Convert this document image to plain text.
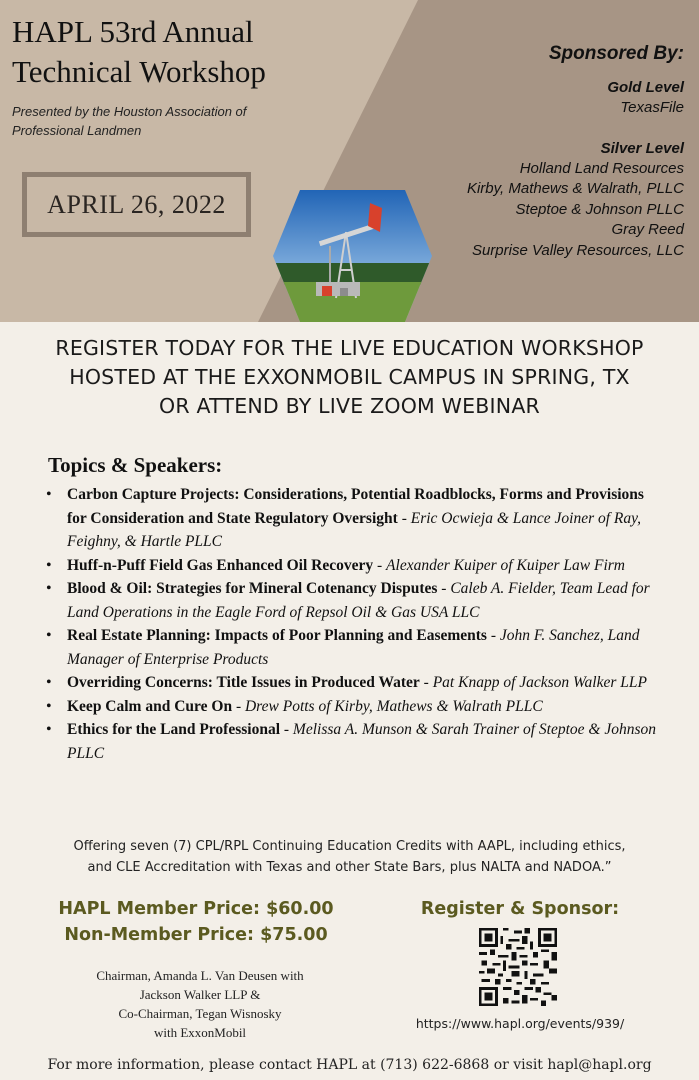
HAPL 53rd Annual
Technical Workshop
Presented by the Houston Association of Professional Landmen
APRIL 26, 2022
Sponsored By:
Gold Level
TexasFile
Silver Level
Holland Land Resources
Kirby, Mathews & Walrath, PLLC
Steptoe & Johnson PLLC
Gray Reed
Surprise Valley Resources, LLC
REGISTER TODAY FOR THE LIVE EDUCATION WORKSHOP
HOSTED AT THE EXXONMOBIL CAMPUS IN SPRING, TX
OR ATTEND BY LIVE ZOOM WEBINAR
Topics & Speakers:
• Carbon Capture Projects: Considerations, Potential Roadblocks, Forms and Provisions for Consideration and State Regulatory Oversight - Eric Ocwieja & Lance Joiner of Ray, Feighny, & Hartle PLLC
• Huff-n-Puff Field Gas Enhanced Oil Recovery - Alexander Kuiper of Kuiper Law Firm
• Blood & Oil: Strategies for Mineral Cotenancy Disputes - Caleb A. Fielder, Team Lead for Land Operations in the Eagle Ford of Repsol Oil & Gas USA LLC
• Real Estate Planning: Impacts of Poor Planning and Easements - John F. Sanchez, Land Manager of Enterprise Products
• Overriding Concerns: Title Issues in Produced Water - Pat Knapp of Jackson Walker LLP
• Keep Calm and Cure On - Drew Potts of Kirby, Mathews & Walrath PLLC
• Ethics for the Land Professional - Melissa A. Munson & Sarah Trainer of Steptoe & Johnson PLLC
Offering seven (7) CPL/RPL Continuing Education Credits with AAPL, including ethics,
and CLE Accreditation with Texas and other State Bars, plus NALTA and NADOA.”
HAPL Member Price: $60.00
Non-Member Price: $75.00
Register & Sponsor:
https://www.hapl.org/events/939/
Chairman, Amanda L. Van Deusen with
Jackson Walker LLP &
Co-Chairman, Tegan Wisnosky
with ExxonMobil
For more information, please contact HAPL at (713) 622-6868 or visit hapl@hapl.org
